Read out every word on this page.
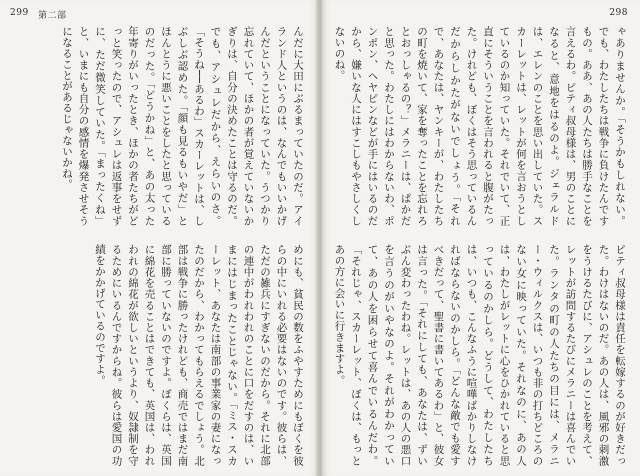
299 第二部

んだに大田にぶるまっていたのだ。アイランド人というのは、なんでもいいかげんだということになっていた。うつかり忘れていて、ほかの者が覚えていないかぎりは、自分の決めたことは守るのだ。でも、アシュレだから、えらいのさ。「そうね──あるわ」スカーレットは、しぶしぶ認めた。「顔も見るもいやだ」とほんとうに悪いことをしたと思っているのだった。「どうかね」と、あの太った年寄りがいったとき、ほかの者たちがどっと笑ったので、アシュレは返事をせずに、ただ微笑していた。「まったくね」と、いまにも自分の感情を爆発させそうになることがあるじゃないかね。

めにも、貧民の数をふやすためにもぼくを彼らの中にいれる必要はないのです。彼らは、ただの雑兵にすぎないのだから。それに北部の連中がわれわれのことに口をだすのは、いまにはじまったことじゃない。「ミス・スカーレット、あなたは南部の事業家の妻になったのだから、わかってもらえるでしょう。北部は戦争に勝ったけれども、商売ではまだ南部に勝っていないのですよ。ぼくらは、英国に綿花を売ることはできても、英国は、われわれの綿花が欲しいというより、奴隷制を守るためにいるんですからね。彼らは愛国の功績をかかげているのですよ。

298

ゃありませんか。「そうかもしれない。でも、わたしたちは戦争に負けたんですもの。ああ、あの人たちは勝手なことを言えるわ。ピティ叔母様は、男のことになると、意地をはるのよ。ジェラルドは、エレンのことを思い出していた。スカーレットは、レットが何を言おうとしているのか知っていた。それでいて、正直にそういうことを言われると腹がたった。けれども、ぼくはそう思っているんだからしかたがないでしょう。「それで、あなたは、ヤンキーが、わたしたちの町を焼いて、家を奪ったことを忘れろとおっしゃるの？」メラニーは、ぱかだと思った。わたしにはわからないわ、ポンポン、ヘヤピンなどが手にはいるのだから、嫌いな人にはすこしもやさしくしないのね。

ピティ叔母様は責任を転嫁するのが好きだった。わけはないのだ。あの人は、風邪の刺激をうけるたびに、アシュレのことを考えて、レットが訪問するたびにメラニーは喜んでいた。ランタの町の人たちの目には、メラニー・ウィルクスは、いつも非の打ちどころのない女に映っていた。それなのに、あの人は、わたしがレットに心をひかれていると思っているのかしら。どうして、わたしたちは、いつも、こんなふうに喧嘩ばかりしなければならないのかしら。「どんな敵でも愛すべきだって、聖書に書いてあるわ」と、彼女は言った。「それにしても、あなたは、ずいぶん変わったわね。レットは、あの人の悪口を言うのがいやなのよ。それがわかっていて、あの人を困らせて喜んでいるんだわ。「それじゃ、スカーレット、ぼくは、もっとあの方に会いに行きますよ。
